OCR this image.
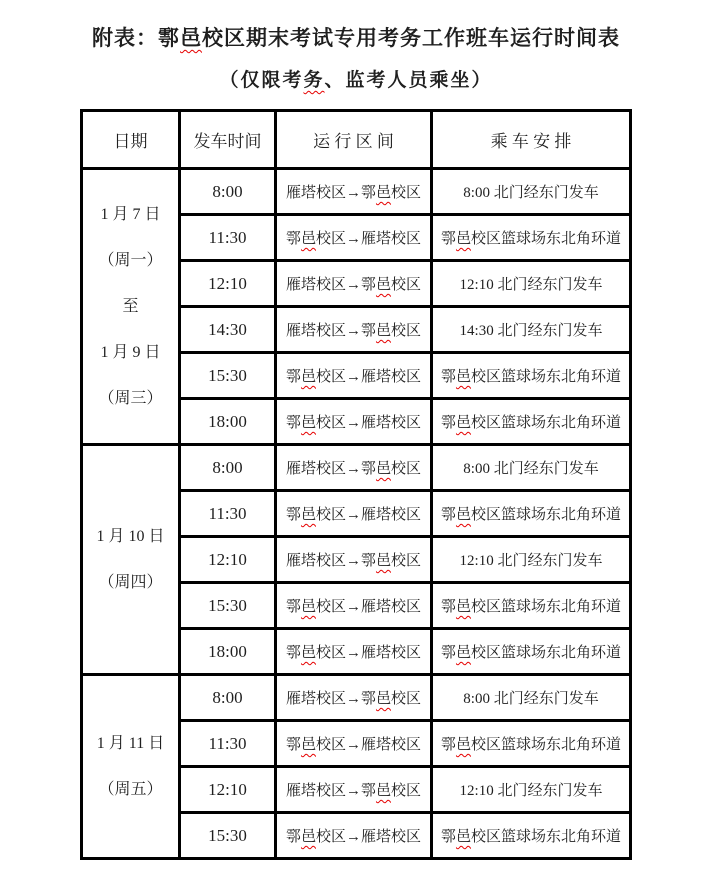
附表：鄠邑校区期末考试专用考务工作班车运行时间表
（仅限考务、监考人员乘坐）
日期	发车时间	运 行 区 间	乘 车 安 排

1 月 7 日
（周一）
至
1 月 9 日
（周三）	8:00	雁塔校区→鄠邑校区	8:00 北门经东门发车
	11:30	鄠邑校区→雁塔校区	鄠邑校区篮球场东北角环道
	12:10	雁塔校区→鄠邑校区	12:10 北门经东门发车
	14:30	雁塔校区→鄠邑校区	14:30 北门经东门发车
	15:30	鄠邑校区→雁塔校区	鄠邑校区篮球场东北角环道
	18:00	鄠邑校区→雁塔校区	鄠邑校区篮球场东北角环道

1 月 10 日
（周四）	8:00	雁塔校区→鄠邑校区	8:00 北门经东门发车
	11:30	鄠邑校区→雁塔校区	鄠邑校区篮球场东北角环道
	12:10	雁塔校区→鄠邑校区	12:10 北门经东门发车
	15:30	鄠邑校区→雁塔校区	鄠邑校区篮球场东北角环道
	18:00	鄠邑校区→雁塔校区	鄠邑校区篮球场东北角环道

1 月 11 日
（周五）	8:00	雁塔校区→鄠邑校区	8:00 北门经东门发车
	11:30	鄠邑校区→雁塔校区	鄠邑校区篮球场东北角环道
	12:10	雁塔校区→鄠邑校区	12:10 北门经东门发车
	15:30	鄠邑校区→雁塔校区	鄠邑校区篮球场东北角环道
